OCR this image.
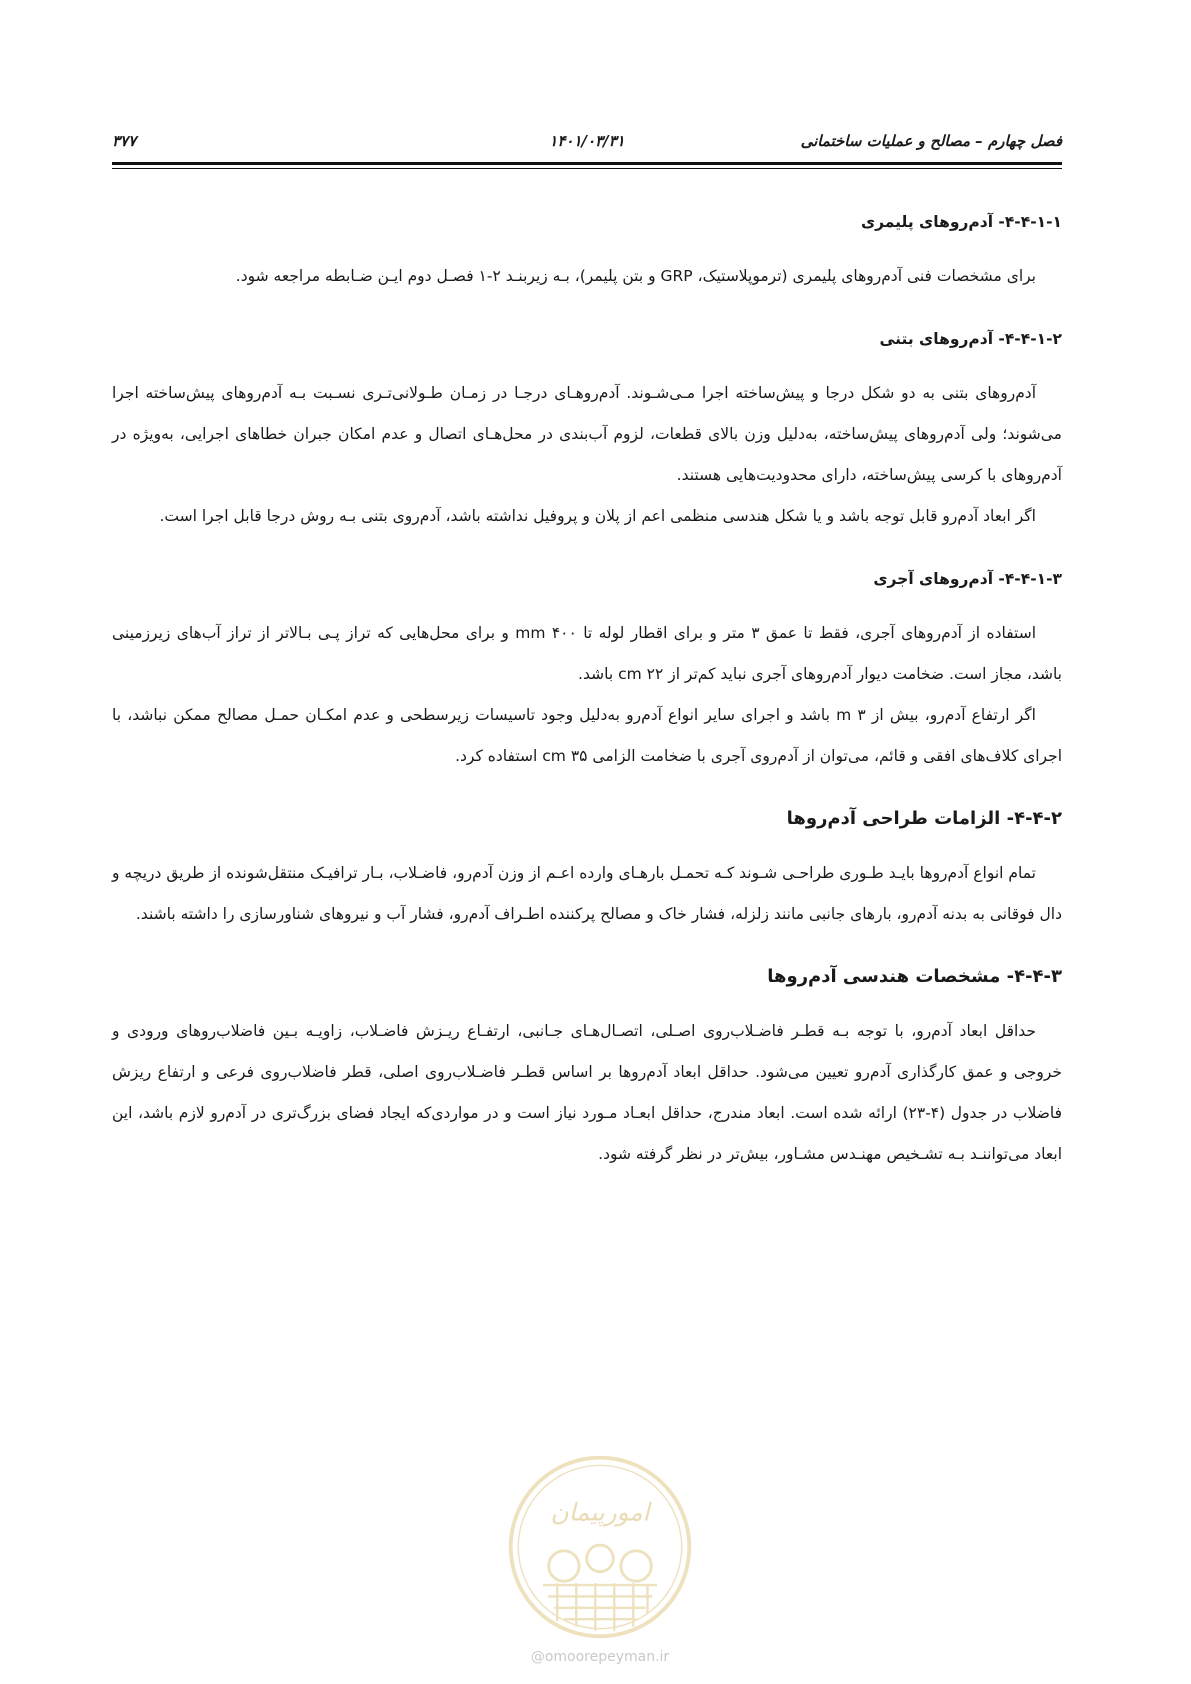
فصل چهارم – مصالح و عملیات ساختمانی
۱۴۰۱/۰۳/۳۱
۳۷۷
۴-۴-۱-۱- آدم‌روهای پلیمری

برای مشخصات فنی آدم‌روهای پلیمری (ترموپلاستیک، GRP و بتن پلیمر)، بـه زیربنـد ۲-۱ فصـل دوم ایـن ضـابطه مراجعه شود.

۴-۴-۱-۲- آدم‌روهای بتنی

آدم‌روهای بتنی به دو شکل درجا و پیش‌ساخته اجرا مـی‌شـوند. آدم‌روهـای درجـا در زمـان طـولانی‌تـری نسـبت بـه آدم‌روهای پیش‌ساخته اجرا می‌شوند؛ ولی آدم‌روهای پیش‌ساخته، به‌دلیل وزن بالای قطعات، لزوم آب‌بندی در محل‌هـای اتصال و عدم امکان جبران خطاهای اجرایی، به‌ویژه در آدم‌روهای با کرسی پیش‌ساخته، دارای محدودیت‌هایی هستند.

اگر ابعاد آدم‌رو قابل توجه باشد و یا شکل هندسی منظمی اعم از پلان و پروفیل نداشته باشد، آدم‌روی بتنی بـه روش درجا قابل اجرا است.

۴-۴-۱-۳- آدم‌روهای آجری

استفاده از آدم‌روهای آجری، فقط تا عمق ۳ متر و برای اقطار لوله تا ۴۰۰ mm و برای محل‌هایی که تراز پـی بـالاتر از تراز آب‌های زیرزمینی باشد، مجاز است. ضخامت دیوار آدم‌روهای آجری نباید کم‌تر از ۲۲ cm باشد.

اگر ارتفاع آدم‌رو، بیش از ۳ m باشد و اجرای سایر انواع آدم‌رو به‌دلیل وجود تاسیسات زیرسطحی و عدم امکـان حمـل مصالح ممکن نباشد، با اجرای کلاف‌های افقی و قائم، می‌توان از آدم‌روی آجری با ضخامت الزامی ۳۵ cm استفاده کرد.

۴-۴-۲- الزامات طراحی آدم‌روها

تمام انواع آدم‌روها بایـد طـوری طراحـی شـوند کـه تحمـل بارهـای وارده اعـم از وزن آدم‌رو، فاضـلاب، بـار ترافیـک منتقل‌شونده از طریق دریچه و دال فوقانی به بدنه آدم‌رو، بارهای جانبی مانند زلزله، فشار خاک و مصالح پرکننده اطـراف آدم‌رو، فشار آب و نیروهای شناورسازی را داشته باشند.

۴-۴-۳- مشخصات هندسی آدم‌روها

حداقل ابعاد آدم‌رو، با توجه بـه قطـر فاضـلاب‌روی اصـلی، اتصـال‌هـای جـانبی، ارتفـاع ریـزش فاضـلاب، زاویـه بـین فاضلاب‌روهای ورودی و خروجی و عمق کارگذاری آدم‌رو تعیین می‌شود. حداقل ابعاد آدم‌روها بر اساس قطـر فاضـلاب‌روی اصلی، قطر فاضلاب‌روی فرعی و ارتفاع ریزش فاضلاب در جدول (۴-۲۳) ارائه شده است. ابعاد مندرج، حداقل ابعـاد مـورد نیاز است و در مواردی‌که ایجاد فضای بزرگ‌تری در آدم‌رو لازم باشد، این ابعاد می‌تواننـد بـه تشـخیص مهنـدس مشـاور، بیش‌تر در نظر گرفته شود.

امورپیمان
@omoorepeyman.ir
